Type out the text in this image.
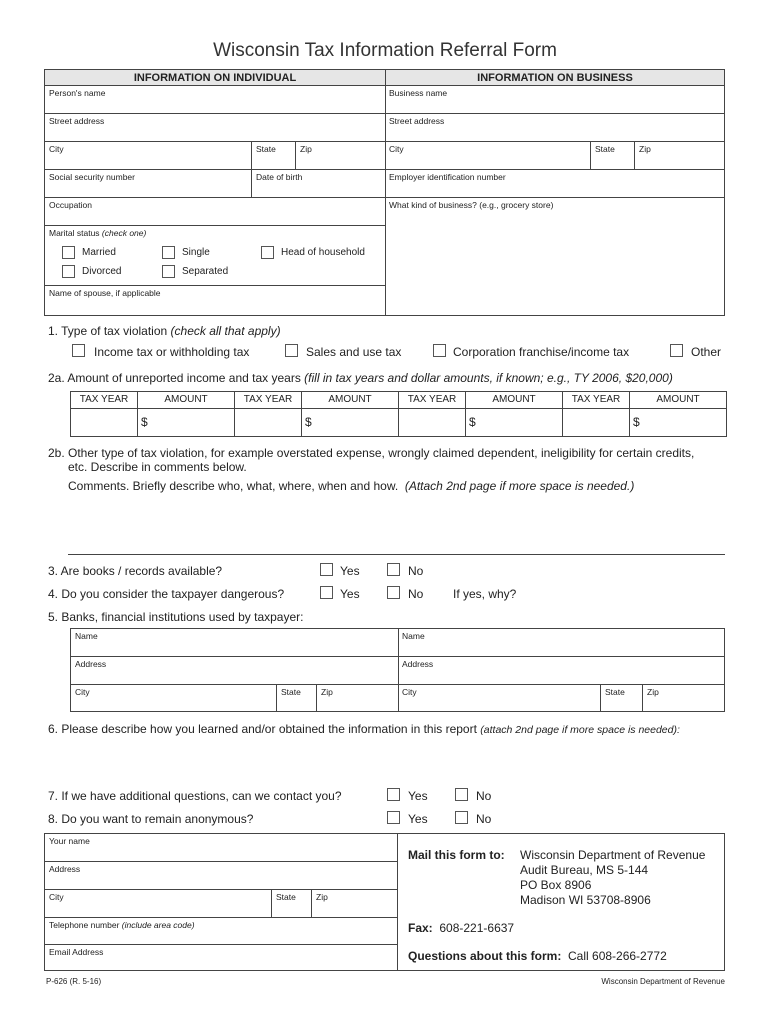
Wisconsin Tax Information Referral Form
INFORMATION ON INDIVIDUAL	INFORMATION ON BUSINESS
Person's name
Street address
City	State	Zip
Social security number	Date of birth
Occupation
Marital status (check one)
Married	Single	Head of household
Divorced	Separated
Name of spouse, if applicable
Business name
Street address
City	State	Zip
Employer identification number
What kind of business? (e.g., grocery store)
1. Type of tax violation (check all that apply)
Income tax or withholding tax	Sales and use tax	Corporation franchise/income tax	Other
2a. Amount of unreported income and tax years (fill in tax years and dollar amounts, if known; e.g., TY 2006, $20,000)
TAX YEAR	AMOUNT
$
TAX YEAR	AMOUNT
$
TAX YEAR	AMOUNT
$
TAX YEAR	AMOUNT
$
2b. Other type of tax violation, for example overstated expense, wrongly claimed dependent, ineligibility for certain credits,
etc. Describe in comments below.
Comments. Briefly describe who, what, where, when and how. (Attach 2nd page if more space is needed.)
3. Are books / records available?	Yes	No
4. Do you consider the taxpayer dangerous?	Yes	No If yes, why?
5. Banks, financial institutions used by taxpayer:
Name
Address
City	State	Zip
Name
Address
City	State	Zip
6. Please describe how you learned and/or obtained the information in this report (attach 2nd page if more space is needed):
7. If we have additional questions, can we contact you?	Yes	No
8. Do you want to remain anonymous?	Yes	No
Your name
Address
City	State	Zip
Telephone number (include area code)
Email Address
Mail this form to: Wisconsin Department of Revenue
Audit Bureau, MS 5-144
PO Box 8906
Madison WI 53708-8906
Fax: 608-221-6637
Questions about this form: Call 608-266-2772
P-626 (R. 5-16)	Wisconsin Department of Revenue
